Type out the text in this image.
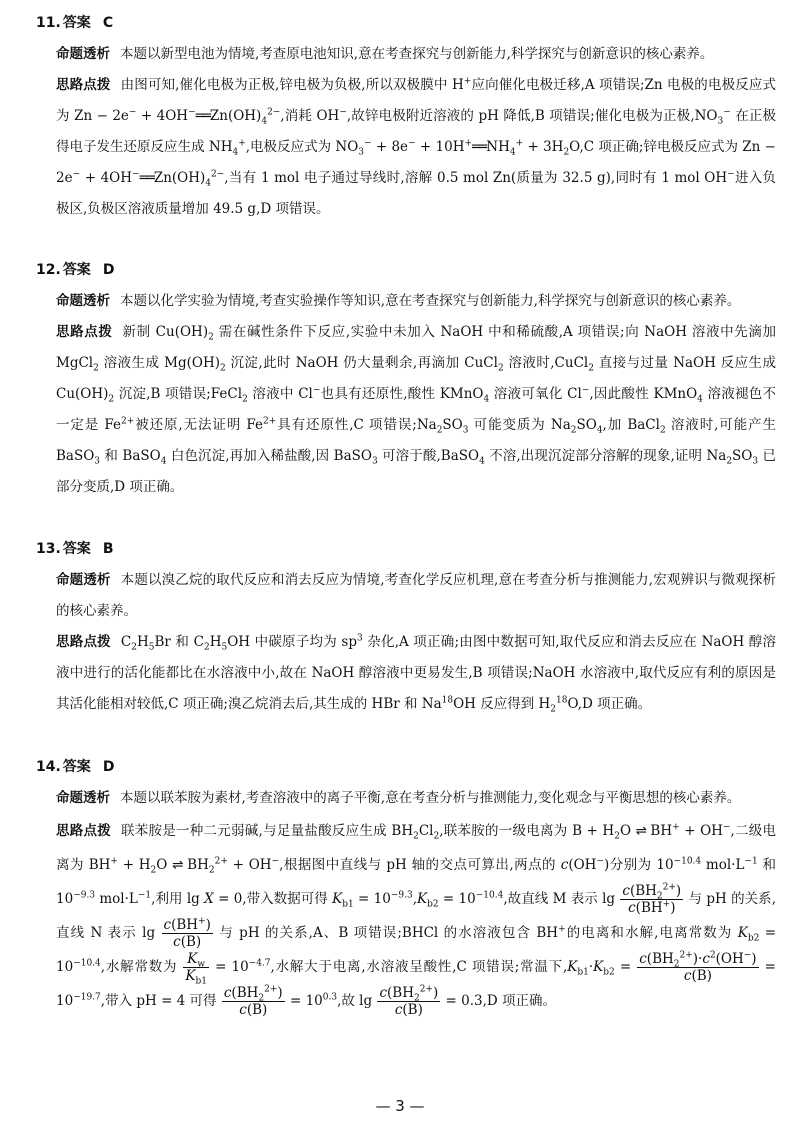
11. 答案 C
命题透析 本题以新型电池为情境,考查原电池知识,意在考查探究与创新能力,科学探究与创新意识的核心素养。
思路点拨 由图可知,催化电极为正极,锌电极为负极,所以双极膜中 H+应向催化电极迁移,A 项错误;Zn 电极的电极反应式为 $Zn - 2e^- + 4OH^-══Zn(OH)_4^{2-}$,消耗 OH−,故锌电极附近溶液的 pH 降低,B 项错误;催化电极为正极$,NO_3^-$ 在正极得电子发生还原反应生成 $NH_4^+$,电极反应式为 $NO_3^- + 8e^-$ + $10H^+══NH_4^+ + 3H_2O,C$ 项正确;锌电极反应式为 $Zn - 2e^- + 4OH^-══Zn(OH)_4^{2-}$,当有 1 mol 电子通过导线时,溶解 0.5 mol Zn(质量为 32.5 g),同时有 1 mol OH−进入负极区,负极区溶液质量增加 49.5 g,D 项错误。
12. 答案 D
命题透析 本题以化学实验为情境,考查实验操作等知识,意在考查探究与创新能力,科学探究与创新意识的核心素养。
思路点拨 新制 $Cu(OH)_2$ 需在碱性条件下反应,实验中未加入 NaOH 中和稀硫酸,A 项错误;向 NaOH 溶液中先滴加 MgCl$_2$ 溶液生成 $Mg(OH)_2$ 沉淀,此时 NaOH 仍大量剩余,再滴加 CuCl$_2$ 溶液时,CuCl$_2$ 直接与过量 NaOH 反应生成 $Cu(OH)_2$ 沉淀,B 项错误;FeCl$_2$ 溶液中 Cl−也具有还原性,酸性 KMnO$_4$ 溶液可氧化 Cl−,因此酸性 KMnO$_4$ 溶液褪色不一定是 $Fe^{2+}$被还原,无法证明 $Fe^{2+}$具有还原性,C 项错误$;Na_2SO_3$ 可能变质为 $Na_2SO_4$,加 BaCl$_2$ 溶液时,可能产生 BaSO$_3$ 和 BaSO$_4$ 白色沉淀,再加入稀盐酸,因 BaSO$_3$ 可溶于酸,BaSO$_4$ 不溶,出现沉淀部分溶解的现象,证明 $Na_2SO_3$ 已部分变质,D 项正确。
13. 答案 B
命题透析 本题以溴乙烷的取代反应和消去反应为情境,考查化学反应机理,意在考查分析与推测能力,宏观辨识与微观探析的核心素养。
思路点拨 $C_2H_5Br$ 和 $C_2H_5OH$ 中碳原子均为 $sp^3$ 杂化,A 项正确;由图中数据可知,取代反应和消去反应在 NaOH 醇溶液中进行的活化能都比在水溶液中小,故在 NaOH 醇溶液中更易发生,B 项错误;NaOH 水溶液中,取代反应有利的原因是其活化能相对较低,C 项正确;溴乙烷消去后,其生成的 HBr 和 Na$^{18}$OH 反应得到 $H_2^{18}O,D$ 项正确。
14. 答案 D
命题透析 本题以联苯胺为素材,考查溶液中的离子平衡,意在考查分析与推测能力,变化观念与平衡思想的核心素养。
思路点拨 联苯胺是一种二元弱碱,与足量盐酸反应生成 $BH_2Cl_2$,联苯胺的一级电离为 $B + H_2O$ ⇌ BH+ + OH−,二级电离为 $BH^+ + H_2O$ ⇌ $BH_2^{2+} + OH^-$,根据图中直线与 pH 轴的交点可算出,两点的 c(OH−)分别为 $10^{-10.4}$ $mol\cdot L^{-1}$ 和 $10^{-9.3}$ $mol\cdot L^{-1}$,利用 lg X = 0,带入数据可得 $K_{b1} = 10^{-9.3},K_{b2} = 10^{-10.4}$,故直线 M 表示 $\lg \frac{c(BH_2^{2+})}{c(BH^+)}$ 与 pH 的关系,直线 N 表示 $\lg \frac{c(BH^+)}{c(B)}$ 与 pH 的关系,A、B 项错误;BHCl 的水溶液包含 BH+的电离和水解,电离常数为 $K_{b2} = 10^{-10.4}$,水解常数为 $\frac{K_w}{K_{b1}} = 10^{-4.7}$,水解大于电离,水溶液呈酸性,C 项错误;常温下$,K_{b1}\cdot K_{b2} = \frac{c(BH_2^{2+})\cdot c^2(OH^-)}{c(B)} = 10^{-19.7}$,带入 pH = 4 可得 $\frac{c(BH_2^{2+})}{c(B)} = 10^{0.3}$,故 $\lg \frac{c(BH_2^{2+})}{c(B)} = 0.3,D$ 项正确。
— 3 —
